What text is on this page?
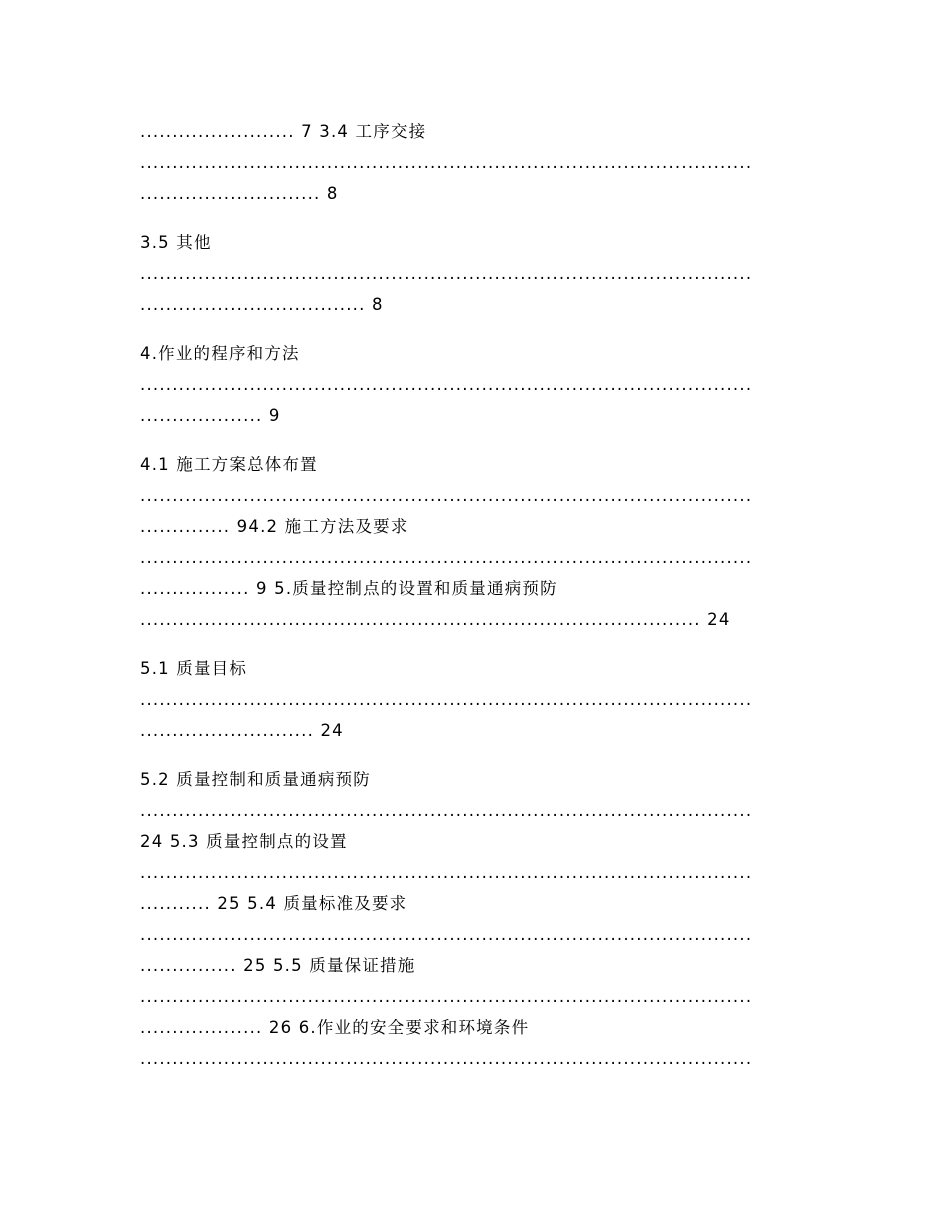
........................ 7 3.4 工序交接
...............................................................................................
............................ 8
3.5 其他
...............................................................................................
................................... 8
4.作业的程序和方法
...............................................................................................
................... 9
4.1 施工方案总体布置
...............................................................................................
.............. 94.2 施工方法及要求
...............................................................................................
................. 9 5.质量控制点的设置和质量通病预防
....................................................................................... 24
5.1 质量目标
...............................................................................................
........................... 24
5.2 质量控制和质量通病预防
...............................................................................................
24 5.3 质量控制点的设置
...............................................................................................
........... 25 5.4 质量标准及要求
...............................................................................................
............... 25 5.5 质量保证措施
...............................................................................................
................... 26 6.作业的安全要求和环境条件
...............................................................................................
